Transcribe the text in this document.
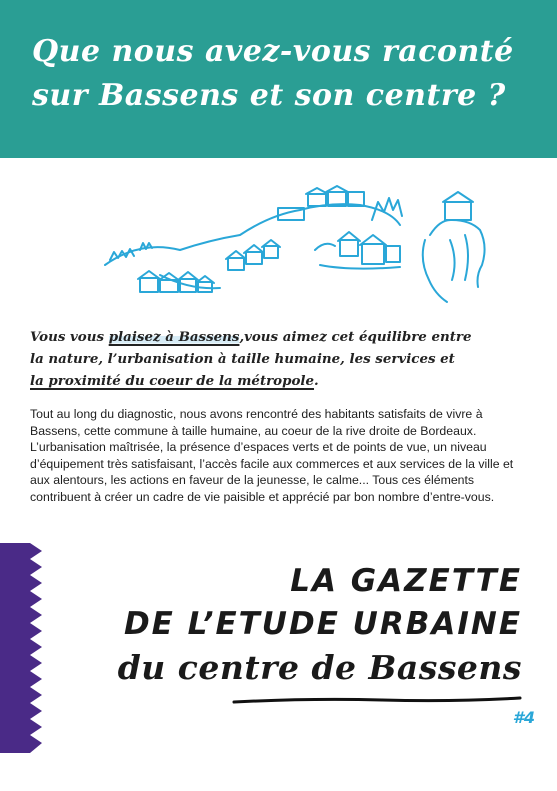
Que nous avez-vous raconté
sur Bassens et son centre ?
Vous vous plaisez à Bassens,vous aimez cet équilibre entre
la nature, l’urbanisation à taille humaine, les services et
la proximité du coeur de la métropole.

Tout au long du diagnostic, nous avons rencontré des habitants satisfaits de vivre à Bassens, cette commune à taille humaine, au coeur de la rive droite de Bordeaux.

L’urbanisation maîtrisée, la présence d’espaces verts et de points de vue, un niveau d’équipement très satisfaisant, l’accès facile aux commerces et aux services de la ville et aux alentours, les actions en faveur de la jeunesse, le calme... Tous ces éléments contribuent à créer un cadre de vie paisible et apprécié par bon nombre d’entre-vous.

LA GAZETTE
DE L’ETUDE URBAINE
du centre de Bassens
#4
